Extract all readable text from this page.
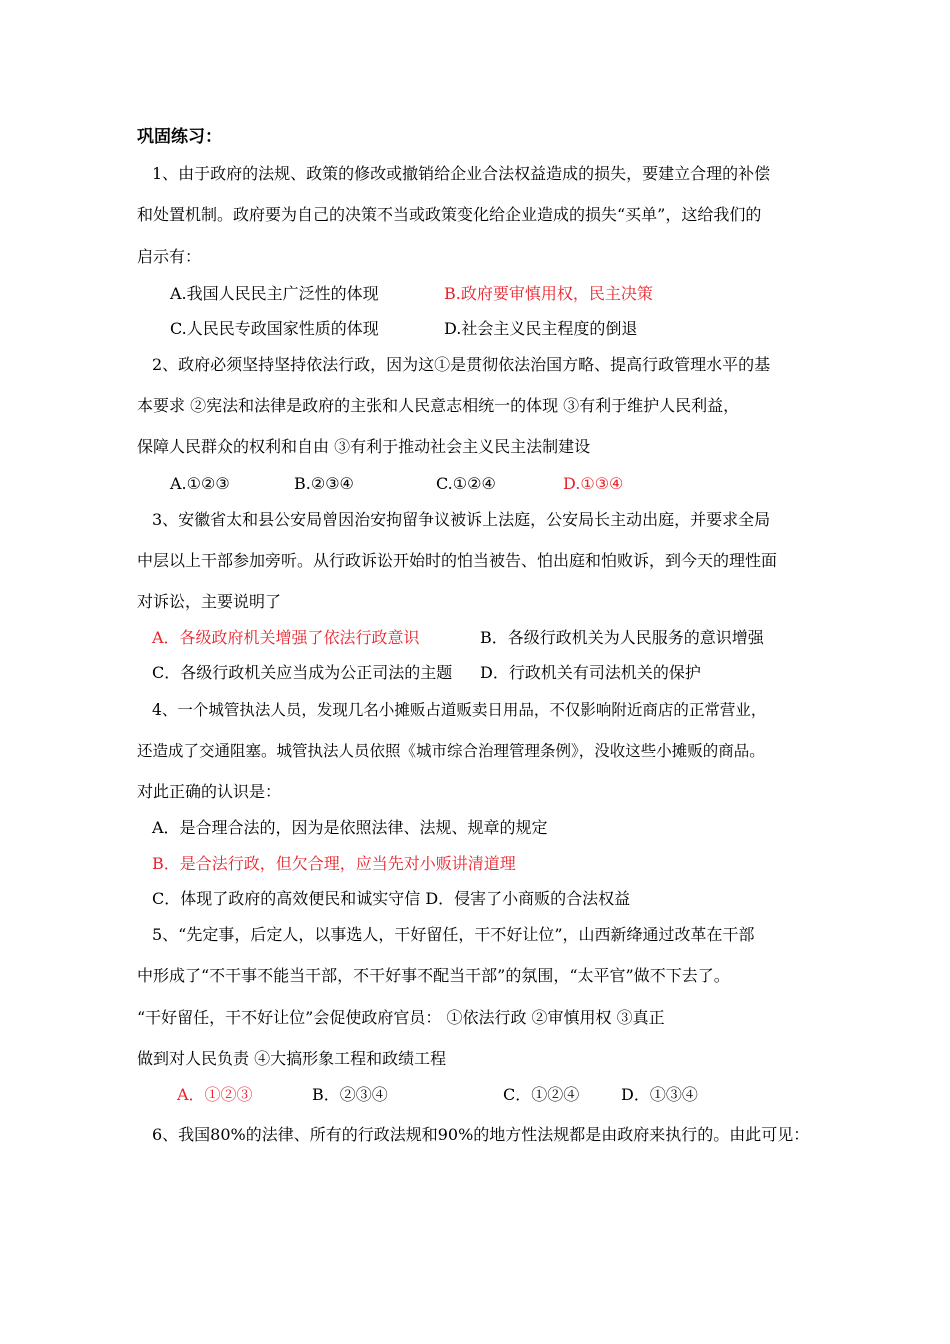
巩固练习：
1、由于政府的法规、政策的修改或撤销给企业合法权益造成的损失，要建立合理的补偿
和处置机制。政府要为自己的决策不当或政策变化给企业造成的损失“买单”，这给我们的
启示有：
A.我国人民民主广泛性的体现	B.政府要审慎用权，民主决策
C.人民民专政国家性质的体现	D.社会主义民主程度的倒退
2、政府必须坚持坚持依法行政，因为这①是贯彻依法治国方略、提高行政管理水平的基
本要求 ②宪法和法律是政府的主张和人民意志相统一的体现 ③有利于维护人民利益，
保障人民群众的权利和自由 ③有利于推动社会主义民主法制建设
A.①②③	B.②③④	C.①②④	D.①③④
3、安徽省太和县公安局曾因治安拘留争议被诉上法庭，公安局长主动出庭，并要求全局
中层以上干部参加旁听。从行政诉讼开始时的怕当被告、怕出庭和怕败诉，到今天的理性面
对诉讼，主要说明了
A．各级政府机关增强了依法行政意识	B．各级行政机关为人民服务的意识增强
C．各级行政机关应当成为公正司法的主题 D．行政机关有司法机关的保护
4、一个城管执法人员，发现几名小摊贩占道贩卖日用品，不仅影响附近商店的正常营业，
还造成了交通阻塞。城管执法人员依照《城市综合治理管理条例》，没收这些小摊贩的商品。
对此正确的认识是：
A．是合理合法的，因为是依照法律、法规、规章的规定
B．是合法行政，但欠合理，应当先对小贩讲清道理
C．体现了政府的高效便民和诚实守信 D．侵害了小商贩的合法权益
5、“先定事，后定人，以事选人，干好留任，干不好让位”，山西新绛通过改革在干部
中形成了“不干事不能当干部，不干好事不配当干部”的氛围，“太平官”做不下去了。
“干好留任，干不好让位”会促使政府官员： ①依法行政 ②审慎用权 ③真正
做到对人民负责 ④大搞形象工程和政绩工程
A．①②③	B．②③④	C．①②④	D．①③④
6、我国80%的法律、所有的行政法规和90%的地方性法规都是由政府来执行的。由此可见：
